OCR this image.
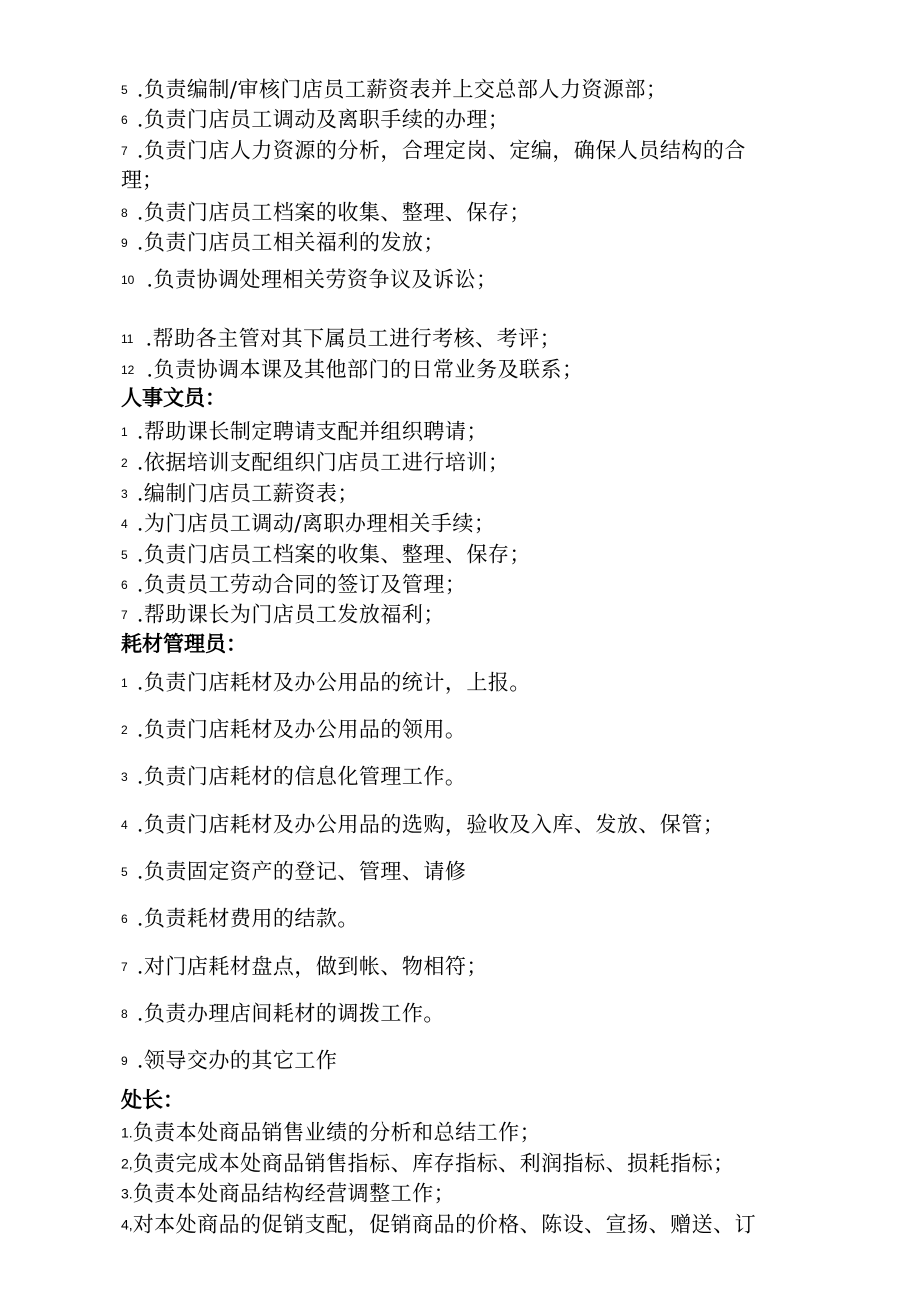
5 .负责编制/审核门店员工薪资表并上交总部人力资源部；
6 .负责门店员工调动及离职手续的办理；
7 .负责门店人力资源的分析，合理定岗、定编，确保人员结构的合
理；
8 .负责门店员工档案的收集、整理、保存；
9 .负责门店员工相关福利的发放；
10 .负责协调处理相关劳资争议及诉讼；
11 .帮助各主管对其下属员工进行考核、考评；
12 .负责协调本课及其他部门的日常业务及联系；
人事文员：
1 .帮助课长制定聘请支配并组织聘请；
2 .依据培训支配组织门店员工进行培训；
3 .编制门店员工薪资表；
4 .为门店员工调动/离职办理相关手续；
5 .负责门店员工档案的收集、整理、保存；
6 .负责员工劳动合同的签订及管理；
7 .帮助课长为门店员工发放福利；
耗材管理员：
1 .负责门店耗材及办公用品的统计，上报。
2 .负责门店耗材及办公用品的领用。
3 .负责门店耗材的信息化管理工作。
4 .负责门店耗材及办公用品的选购，验收及入库、发放、保管；
5 .负责固定资产的登记、管理、请修
6 .负责耗材费用的结款。
7 .对门店耗材盘点，做到帐、物相符；
8 .负责办理店间耗材的调拨工作。
9 .领导交办的其它工作
处长：
1.负责本处商品销售业绩的分析和总结工作；
2,负责完成本处商品销售指标、库存指标、利润指标、损耗指标；
3.负责本处商品结构经营调整工作；
4,对本处商品的促销支配，促销商品的价格、陈设、宣扬、赠送、订
